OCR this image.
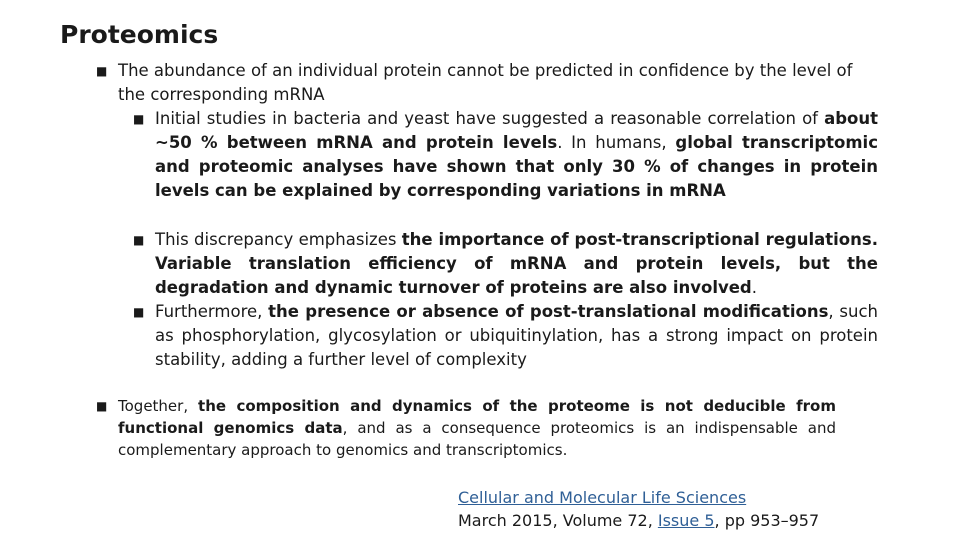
Proteomics
■ The abundance of an individual protein cannot be predicted in confidence by the level of the corresponding mRNA
■ Initial studies in bacteria and yeast have suggested a reasonable correlation of about ~50 % between mRNA and protein levels. In humans, global transcriptomic and proteomic analyses have shown that only 30 % of changes in protein levels can be explained by corresponding variations in mRNA
■ This discrepancy emphasizes the importance of post-transcriptional regulations. Variable translation efficiency of mRNA and protein levels, but the degradation and dynamic turnover of proteins are also involved.
■ Furthermore, the presence or absence of post-translational modifications, such as phosphorylation, glycosylation or ubiquitinylation, has a strong impact on protein stability, adding a further level of complexity
■ Together, the composition and dynamics of the proteome is not deducible from functional genomics data, and as a consequence proteomics is an indispensable and complementary approach to genomics and transcriptomics.
Cellular and Molecular Life Sciences
March 2015, Volume 72, Issue 5, pp 953–957
